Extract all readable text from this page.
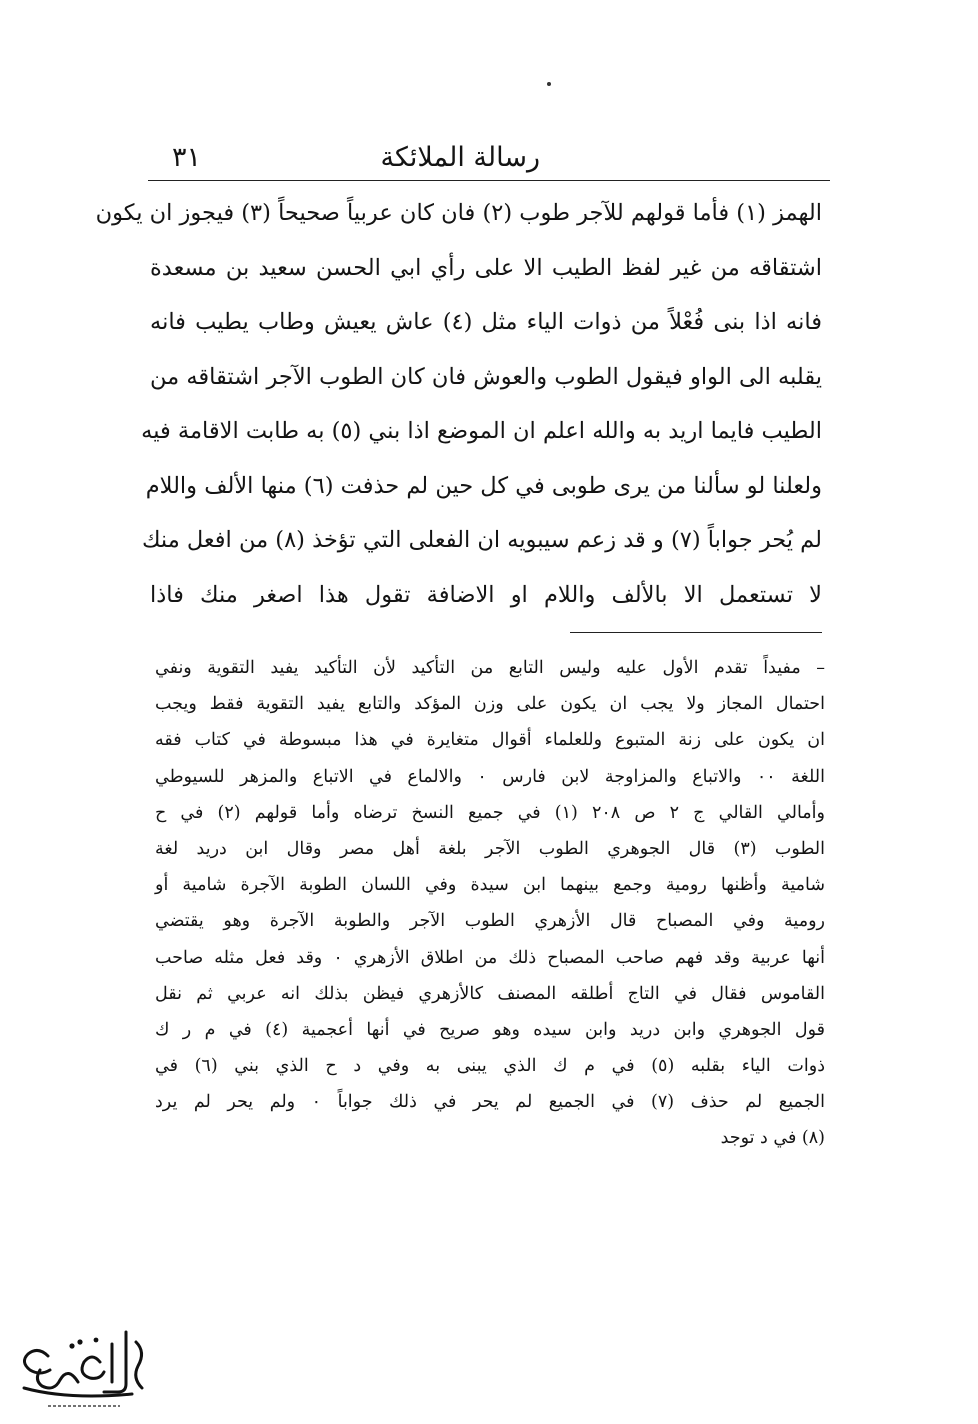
رسالة الملائكة
٣١
الهمز (١) فأما قولهم للآجر طوب (٢) فان كان عربياً صحيحاً (٣) فيجوز ان يكون
اشتقاقه من غير لفظ الطيب الا على رأي ابي الحسن سعيد بن مسعدة
فانه اذا بنى فُعْلاً من ذوات الياء مثل (٤) عاش يعيش وطاب يطيب فانه
يقلبه الى الواو فيقول الطوب والعوش فان كان الطوب الآجر اشتقاقه من
الطيب فايما اريد به والله اعلم ان الموضع اذا بني (٥) به طابت الاقامة فيه
ولعلنا لو سألنا من يرى طوبى في كل حين لم حذفت (٦) منها الألف واللام
لم يُحر جواباً (٧) و قد زعم سيبويه ان الفعلى التي تؤخذ (٨) من افعل منك
لا تستعمل الا بالألف واللام او الاضافة تقول هذا اصغر منك فاذا
– مفيداً تقدم الأول عليه وليس التابع من التأكيد لأن التأكيد يفيد التقوية ونفي
احتمال المجاز ولا يجب ان يكون على وزن المؤكد والتابع يفيد التقوية فقط ويجب
ان يكون على زنة المتبوع وللعلماء أقوال متغايرة في هذا مبسوطة في كتاب فقه
اللغة ٠٠ والاتباع والمزاوجة لابن فارس ٠ والالماع في الاتباع والمزهر للسيوطي
وأمالي القالي ج ٢ ص ٢٠٨ (١) في جميع النسخ ترضاه وأما قولهم (٢) في ح
الطوب (٣) قال الجوهري الطوب الآجر بلغة أهل مصر وقال ابن دريد لغة
شامية وأظنها رومية وجمع بينهما ابن سيدة وفي اللسان الطوبة الآجرة شامية أو
رومية وفي المصباح قال الأزهري الطوب الآجر والطوبة الآجرة وهو يقتضي
أنها عربية وقد فهم صاحب المصباح ذلك من اطلاق الأزهري ٠ وقد فعل مثله صاحب
القاموس فقال في التاج أطلقه المصنف كالأزهري فيظن بذلك انه عربي ثم نقل
قول الجوهري وابن دريد وابن سيده وهو صريح في أنها أعجمية (٤) في م ر ك
ذوات الياء بقلبه (٥) في م ك الذي يبنى به وفي د ح الذي بني (٦) في
الجميع لم حذف (٧) في الجميع لم يحر في ذلك جواباً ٠ ولم يحر لم يرد
(٨) في د توجد
